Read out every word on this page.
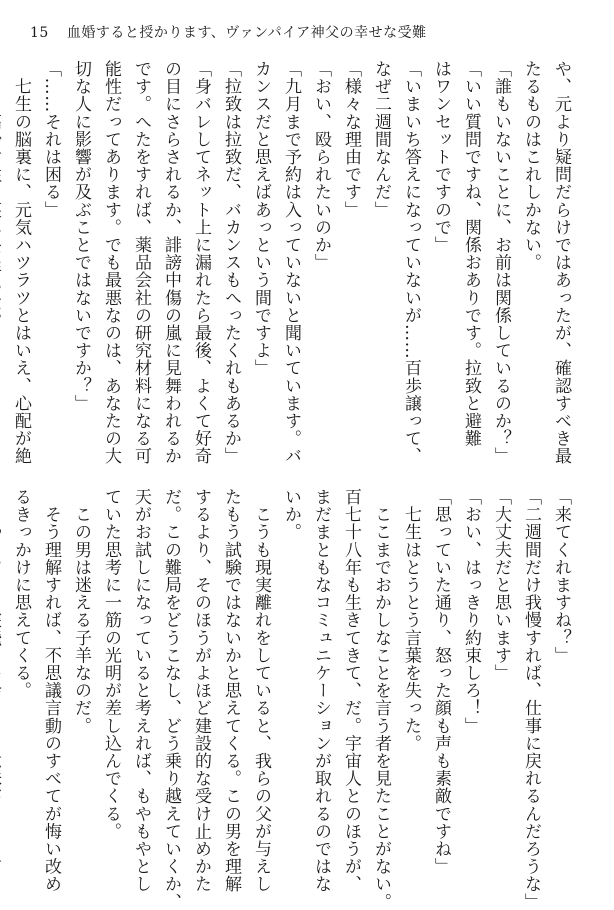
15 血婚すると授かります、ヴァンパイア神父の幸せな受難
や、元より疑問だらけではあったが、確認すべき最
たるものはこれしかない。
「誰もいないことに、お前は関係しているのか？」
「いい質問ですね、関係おありです。拉致と避難
はワンセットですので」
「いまいち答えになっていないが……百歩譲って、
なぜ二週間なんだ」
「様々な理由です」
「おい、殴られたいのか」
「九月まで予約は入っていないと聞いています。バ
カンスだと思えばあっという間ですよ」
「拉致は拉致だ、バカンスもへったくれもあるか」
「身バレしてネット上に漏れたら最後、よくて好奇
の目にさらされるか、誹謗中傷の嵐に見舞われるか
です。へたをすれば、薬品会社の研究材料になる可
能性だってあります。でも最悪なのは、あなたの大
切な人に影響が及ぶことではないですか？」
「……それは困る」
　七生の脳裏に、元気ハツラツとはいえ、心配が絶
「来てくれますね？」
「二週間だけ我慢すれば、仕事に戻れるんだろうな」
「大丈夫だと思います」
「おい、はっきり約束しろ！」
「思っていた通り、怒った顔も声も素敵ですね」
　七生はとうとう言葉を失った。
　ここまでおかしなことを言う者を見たことがない。
百七十八年も生きてきて、だ。宇宙人とのほうが、
まだまともなコミュニケーションが取れるのではな
いか。
　こうも現実離れをしていると、我らの父が与えし
たもう試験ではないかと思えてくる。この男を理解
するより、そのほうがよほど建設的な受け止めかた
だ。この難局をどうこなし、どう乗り越えていくか、
天がお試しになっていると考えれば、もやもやとし
ていた思考に一筋の光明が差し込んでくる。
　この男は迷える子羊なのだ。
　そう理解すれば、不思議言動のすべてが悔い改め
るきっかけに思えてくる。
